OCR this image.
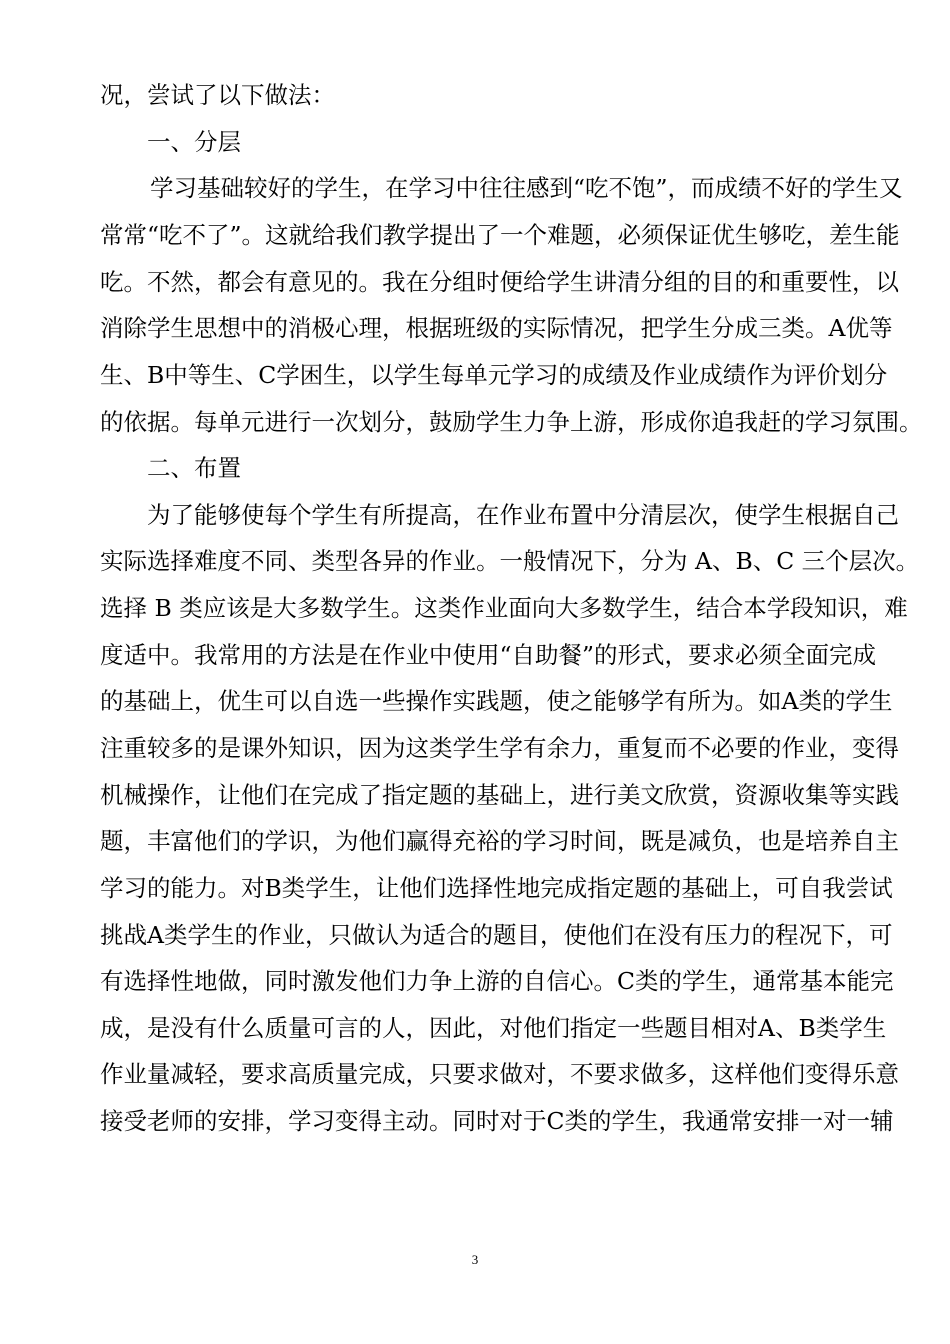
况，尝试了以下做法：
一、分层
学习基础较好的学生，在学习中往往感到“吃不饱”，而成绩不好的学生又
常常“吃不了”。这就给我们教学提出了一个难题，必须保证优生够吃，差生能
吃。不然，都会有意见的。我在分组时便给学生讲清分组的目的和重要性，以
消除学生思想中的消极心理，根据班级的实际情况，把学生分成三类。A优等
生、B中等生、C学困生，以学生每单元学习的成绩及作业成绩作为评价划分
的依据。每单元进行一次划分，鼓励学生力争上游，形成你追我赶的学习氛围。
二、布置
为了能够使每个学生有所提高，在作业布置中分清层次，使学生根据自己
实际选择难度不同、类型各异的作业。一般情况下，分为 A、B、C 三个层次。
选择 B 类应该是大多数学生。这类作业面向大多数学生，结合本学段知识，难
度适中。我常用的方法是在作业中使用“自助餐”的形式，要求必须全面完成
的基础上，优生可以自选一些操作实践题，使之能够学有所为。如A类的学生
注重较多的是课外知识，因为这类学生学有余力，重复而不必要的作业，变得
机械操作，让他们在完成了指定题的基础上，进行美文欣赏，资源收集等实践
题，丰富他们的学识，为他们赢得充裕的学习时间，既是减负，也是培养自主
学习的能力。对B类学生，让他们选择性地完成指定题的基础上，可自我尝试
挑战A类学生的作业，只做认为适合的题目，使他们在没有压力的程况下，可
有选择性地做，同时激发他们力争上游的自信心。C类的学生，通常基本能完
成，是没有什么质量可言的人，因此，对他们指定一些题目相对A、B类学生
作业量减轻，要求高质量完成，只要求做对，不要求做多，这样他们变得乐意
接受老师的安排，学习变得主动。同时对于C类的学生，我通常安排一对一辅
3
